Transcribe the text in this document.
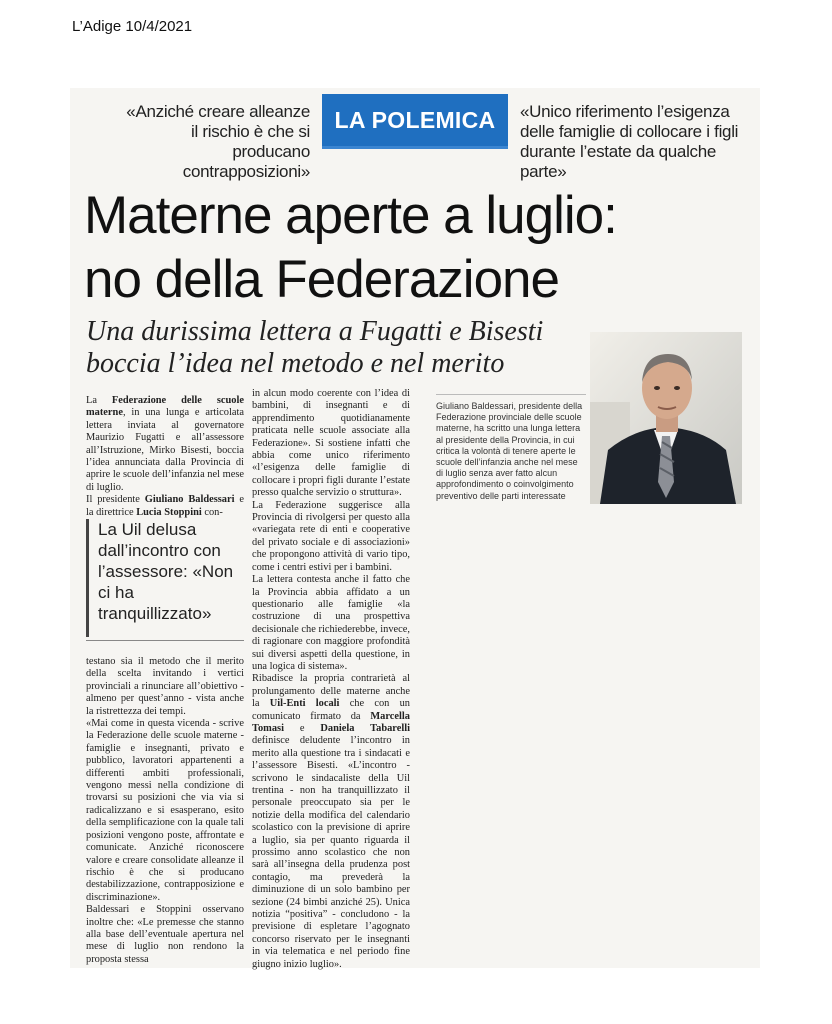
L’Adige 10/4/2021
«Anziché creare alleanze il rischio è che si producano contrapposizioni»
LA POLEMICA	«Unico riferimento l’esigenza delle famiglie di collocare i figli durante l’estate da qualche parte»
Materne aperte a luglio:
no della Federazione
Una durissima lettera a Fugatti e Bisesti boccia l’idea nel metodo e nel merito

La Federazione delle scuole materne, in una lunga e articolata lettera inviata al governatore Maurizio Fugatti e all’assessore all’Istruzione, Mirko Bisesti, boccia l’idea annunciata dalla Provincia di aprire le scuole dell’infanzia nel mese di luglio.

Il presidente Giuliano Baldessari e la direttrice Lucia Stoppini con-

La Uil delusa dall’incontro con l’assessore: «Non ci ha tranquillizzato»

testano sia il metodo che il merito della scelta invitando i vertici provinciali a rinunciare all’obiettivo - almeno per quest’anno - vista anche la ristrettezza dei tempi.

«Mai come in questa vicenda - scrive la Federazione delle scuole materne - famiglie e insegnanti, privato e pubblico, lavoratori appartenenti a differenti ambiti professionali, vengono messi nella condizione di trovarsi su posizioni che via via si radicalizzano e si esasperano, esito della semplificazione con la quale tali posizioni vengono poste, affrontate e comunicate. Anziché riconoscere valore e creare consolidate alleanze il rischio è che si producano destabilizzazione, contrapposizione e discriminazione».

Baldessari e Stoppini osservano inoltre che: «Le premesse che stanno alla base dell’eventuale apertura nel mese di luglio non rendono la proposta stessa

in alcun modo coerente con l’idea di bambini, di insegnanti e di apprendimento quotidianamente praticata nelle scuole associate alla Federazione». Si sostiene infatti che abbia come unico riferimento «l’esigenza delle famiglie di collocare i propri figli durante l’estate presso qualche servizio o struttura».

La Federazione suggerisce alla Provincia di rivolgersi per questo alla «variegata rete di enti e cooperative del privato sociale e di associazioni» che propongono attività di vario tipo, come i centri estivi per i bambini.

La lettera contesta anche il fatto che la Provincia abbia affidato a un questionario alle famiglie «la costruzione di una prospettiva decisionale che richiederebbe, invece, di ragionare con maggiore profondità sui diversi aspetti della questione, in una logica di sistema».

Ribadisce la propria contrarietà al prolungamento delle materne anche la Uil-Enti locali che con un comunicato firmato da Marcella Tomasi e Daniela Tabarelli definisce deludente l’incontro in merito alla questione tra i sindacati e l’assessore Bisesti. «L’incontro - scrivono le sindacaliste della Uil trentina - non ha tranquillizzato il personale preoccupato sia per le notizie della modifica del calendario scolastico con la previsione di aprire a luglio, sia per quanto riguarda il prossimo anno scolastico che non sarà all’insegna della prudenza post contagio, ma prevederà la diminuzione di un solo bambino per sezione (24 bimbi anziché 25). Unica notizia “positiva” - concludono - la previsione di espletare l’agognato concorso riservato per le insegnanti in via telematica e nel periodo fine giugno inizio luglio».

Giuliano Baldessari, presidente della Federazione provinciale delle scuole materne, ha scritto una lunga lettera al presidente della Provincia, in cui critica la volontà di tenere aperte le scuole dell’infanzia anche nel mese di luglio senza aver fatto alcun approfondimento o coinvolgimento preventivo delle parti interessate
